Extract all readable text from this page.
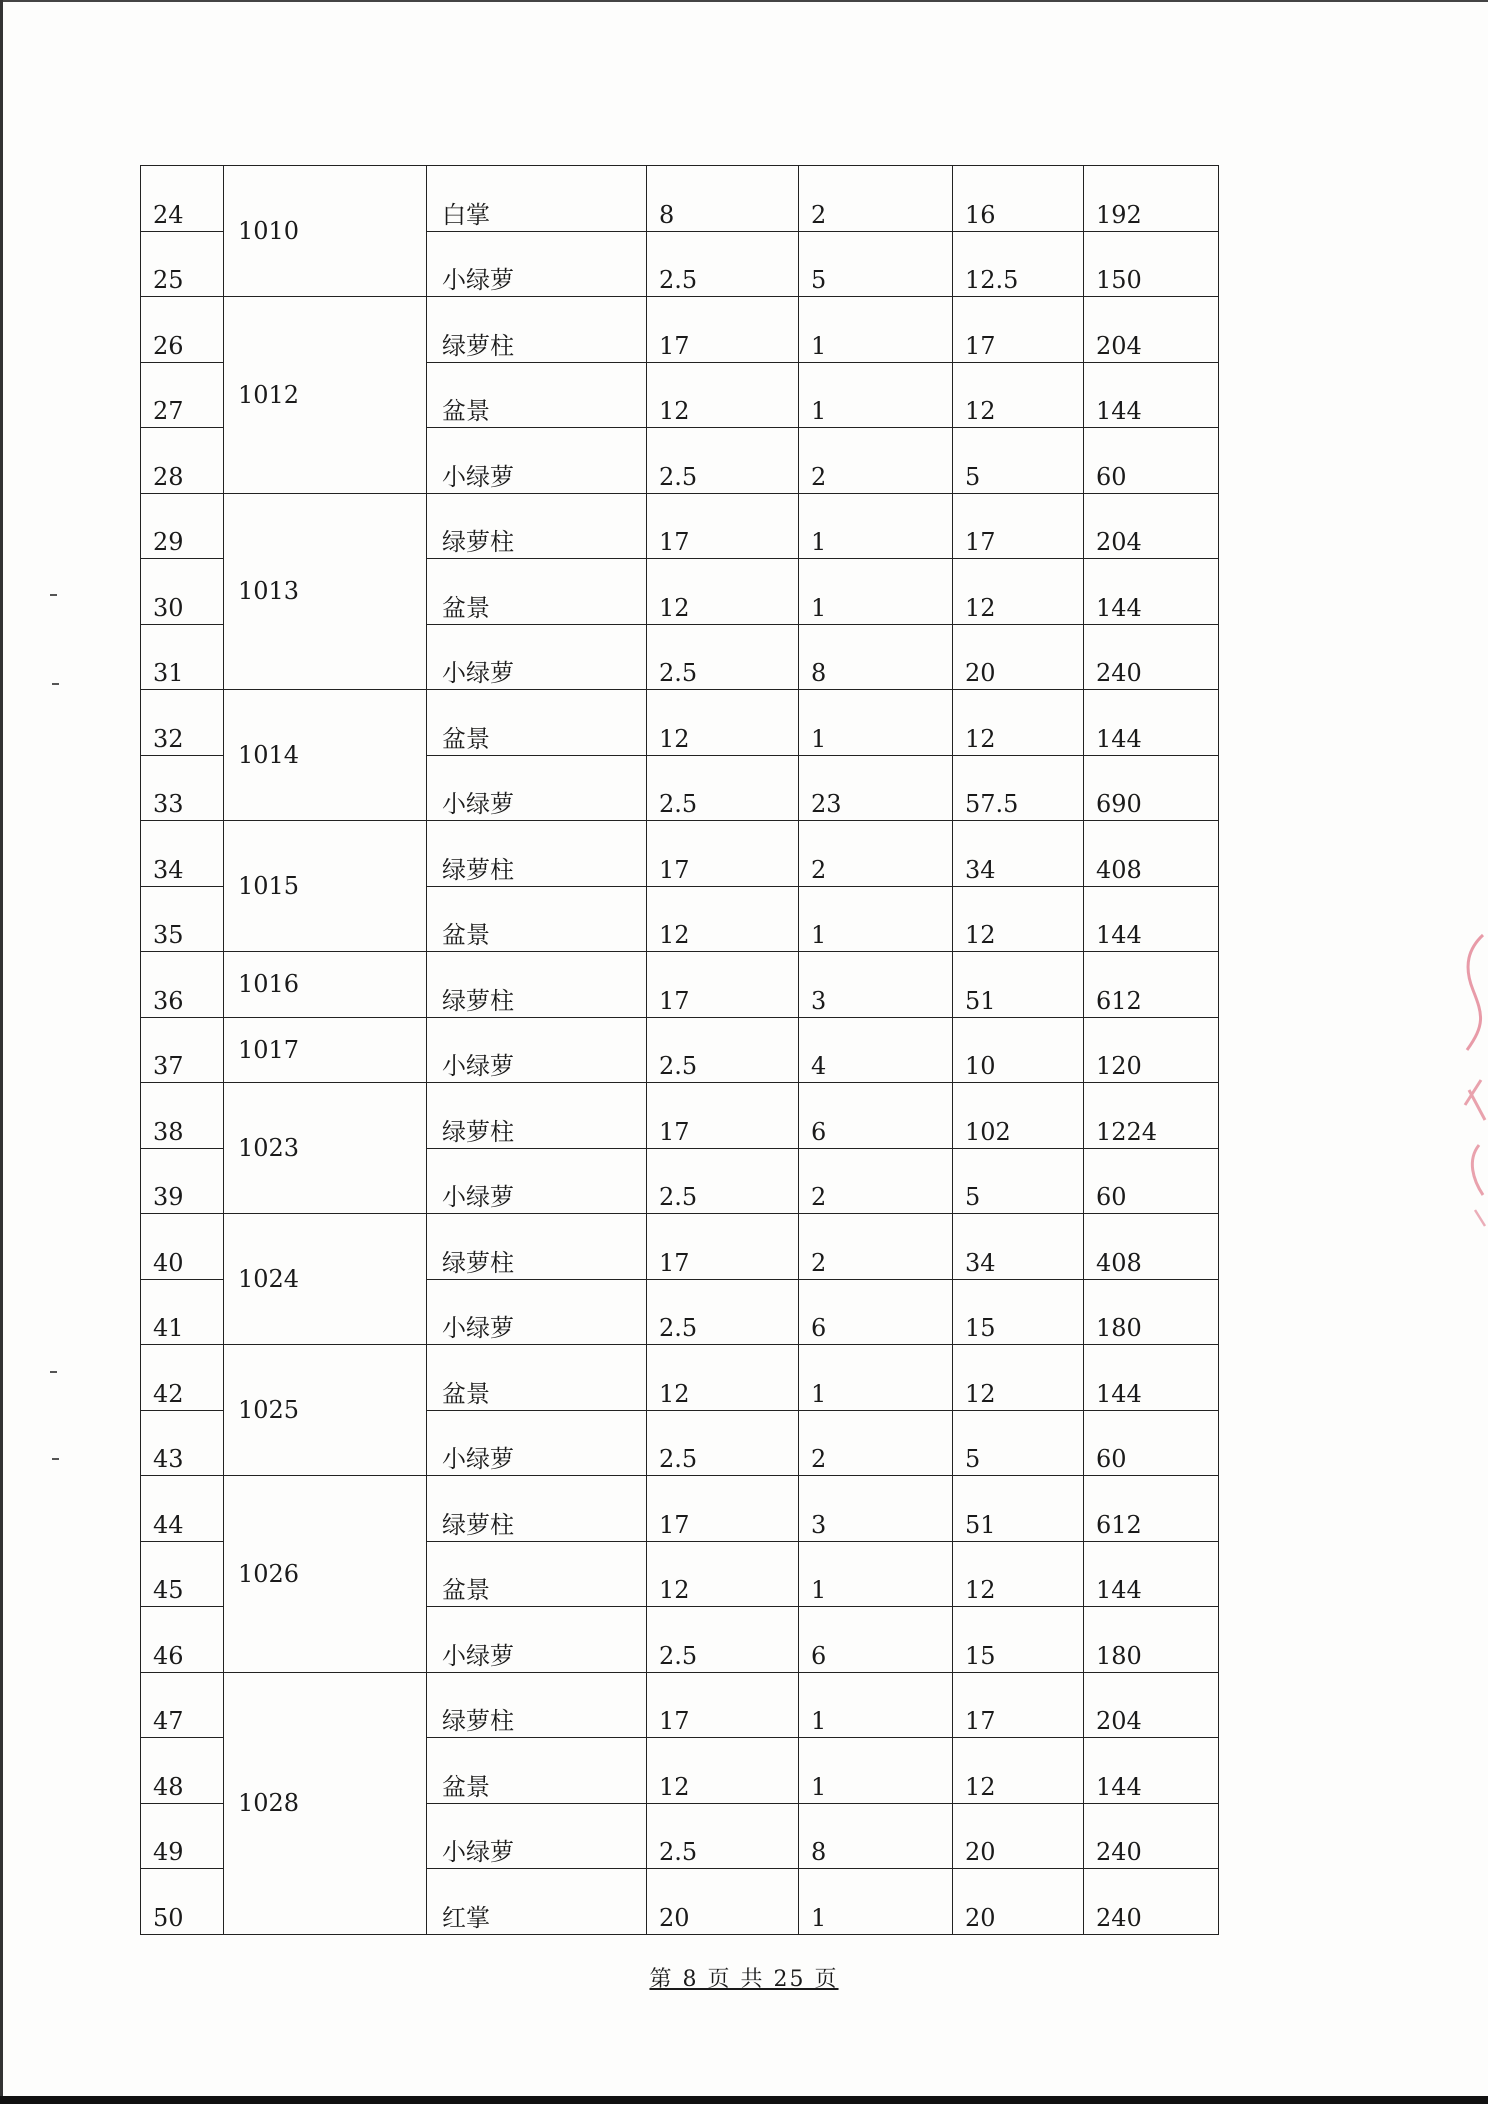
24	1010	白掌	8	2	16	192
25		小绿萝	2.5	5	12.5	150
26	1012	绿萝柱	17	1	17	204
27		盆景	12	1	12	144
28		小绿萝	2.5	2	5	60
29	1013	绿萝柱	17	1	17	204
30		盆景	12	1	12	144
31		小绿萝	2.5	8	20	240
32	1014	盆景	12	1	12	144
33		小绿萝	2.5	23	57.5	690
34	1015	绿萝柱	17	2	34	408
35		盆景	12	1	12	144
36	1016	绿萝柱	17	3	51	612
37	1017	小绿萝	2.5	4	10	120
38	1023	绿萝柱	17	6	102	1224
39		小绿萝	2.5	2	5	60
40	1024	绿萝柱	17	2	34	408
41		小绿萝	2.5	6	15	180
42	1025	盆景	12	1	12	144
43		小绿萝	2.5	2	5	60
44	1026	绿萝柱	17	3	51	612
45		盆景	12	1	12	144
46		小绿萝	2.5	6	15	180
47	1028	绿萝柱	17	1	17	204
48		盆景	12	1	12	144
49		小绿萝	2.5	8	20	240
50		红掌	20	1	20	240
第 8 页 共 25 页
